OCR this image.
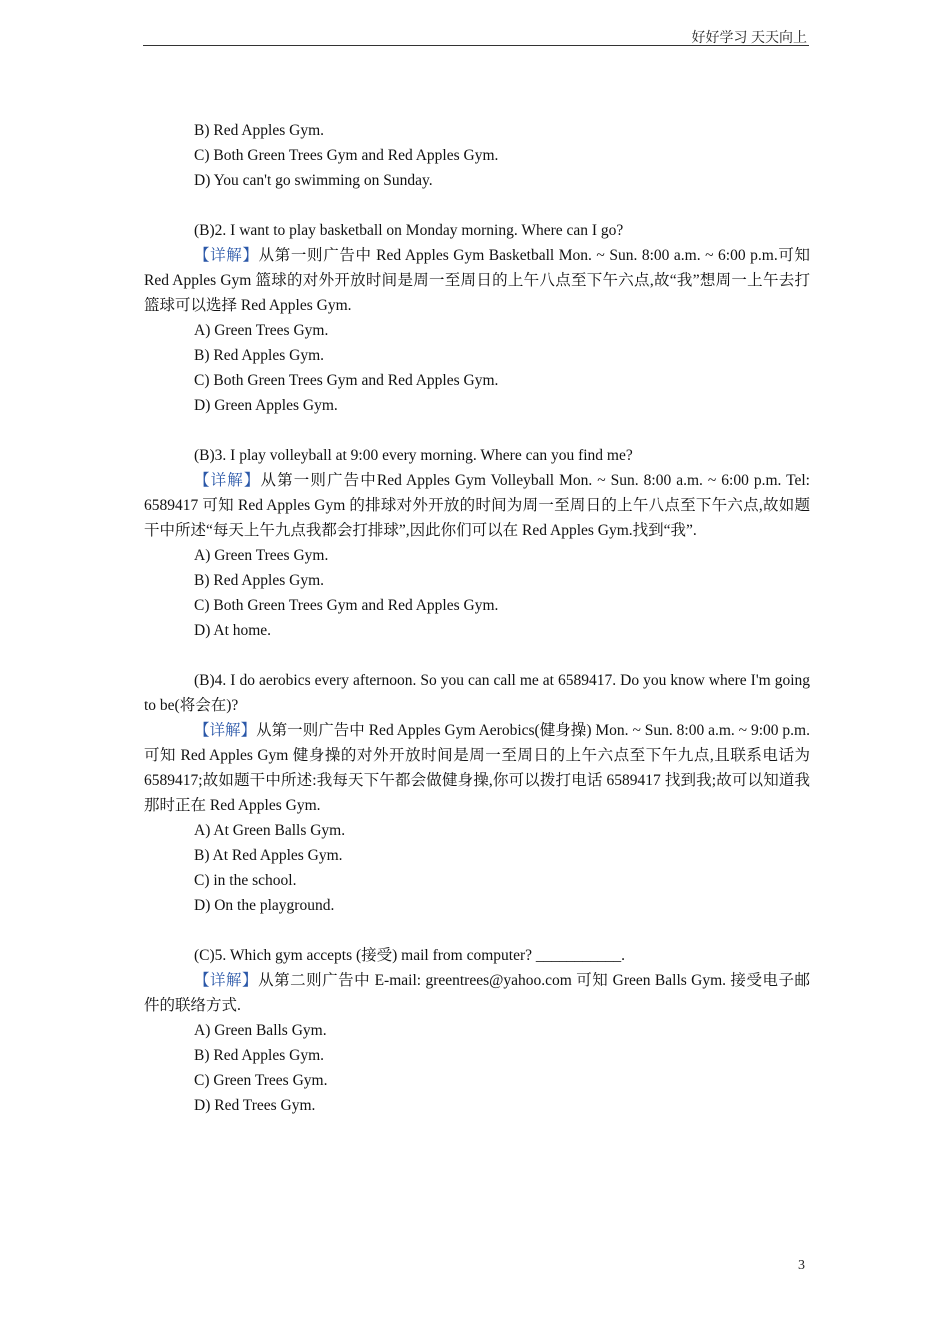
好好学习 天天向上
B) Red Apples Gym.
C) Both Green Trees Gym and Red Apples Gym.
D) You can't go swimming on Sunday.
(B)2. I want to play basketball on Monday morning. Where can I go?
【详解】从第一则广告中 Red Apples Gym Basketball Mon. ~ Sun. 8:00 a.m. ~ 6:00 p.m.可知 Red Apples Gym 篮球的对外开放时间是周一至周日的上午八点至下午六点,故“我”想周一上午去打篮球可以选择 Red Apples Gym.
A) Green Trees Gym.
B) Red Apples Gym.
C) Both Green Trees Gym and Red Apples Gym.
D) Green Apples Gym.
(B)3. I play volleyball at 9:00 every morning. Where can you find me?
【详解】从第一则广告中Red Apples Gym Volleyball Mon. ~ Sun. 8:00 a.m. ~ 6:00 p.m. Tel: 6589417 可知 Red Apples Gym 的排球对外开放的时间为周一至周日的上午八点至下午六点,故如题干中所述“每天上午九点我都会打排球”,因此你们可以在 Red Apples Gym.找到“我”.
A) Green Trees Gym.
B) Red Apples Gym.
C) Both Green Trees Gym and Red Apples Gym.
D) At home.
(B)4. I do aerobics every afternoon. So you can call me at 6589417. Do you know where I'm going to be(将会在)?
【详解】从第一则广告中 Red Apples Gym Aerobics(健身操) Mon. ~ Sun. 8:00 a.m. ~ 9:00 p.m.可知 Red Apples Gym 健身操的对外开放时间是周一至周日的上午六点至下午九点,且联系电话为 6589417;故如题干中所述:我每天下午都会做健身操,你可以拨打电话 6589417 找到我;故可以知道我那时正在 Red Apples Gym.
A) At Green Balls Gym.
B) At Red Apples Gym.
C) in the school.
D) On the playground.
(C)5. Which gym accepts (接受) mail from computer? ___________.
【详解】从第二则广告中 E-mail: greentrees@yahoo.com 可知 Green Balls Gym. 接受电子邮件的联络方式.
A) Green Balls Gym.
B) Red Apples Gym.
C) Green Trees Gym.
D) Red Trees Gym.
3
